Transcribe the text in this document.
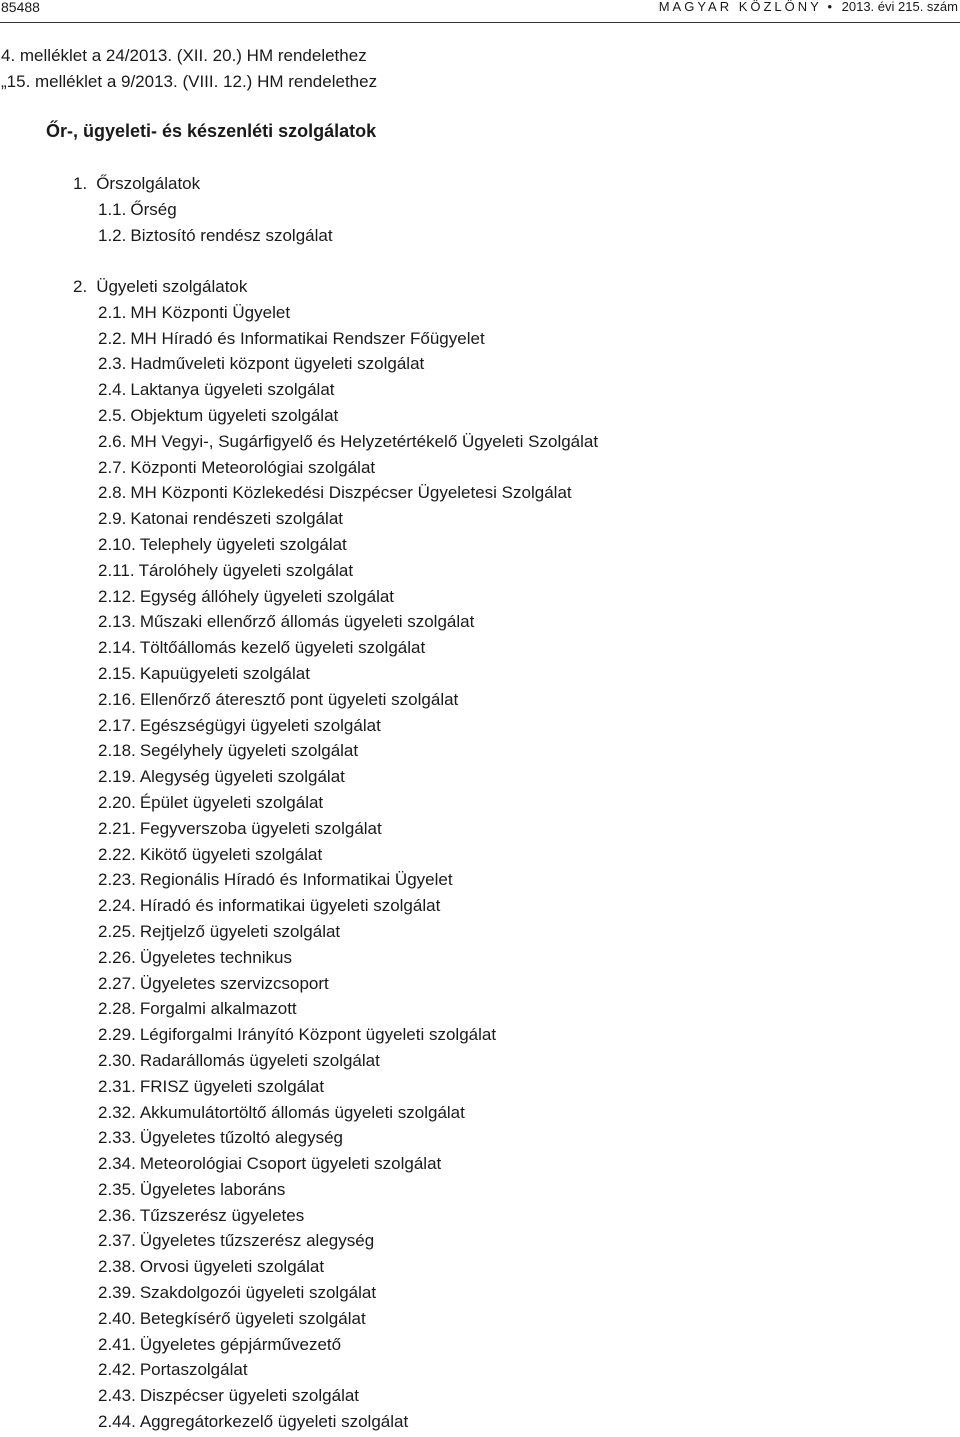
85488	MAGYAR KÖZLÖNY • 2013. évi 215. szám
4. melléklet a 24/2013. (XII. 20.) HM rendelethez
„15. melléklet a 9/2013. (VIII. 12.) HM rendelethez
Őr-, ügyeleti- és készenléti szolgálatok
1. Őrszolgálatok
1.1. Őrség
1.2. Biztosító rendész szolgálat
2. Ügyeleti szolgálatok
2.1. MH Központi Ügyelet
2.2. MH Híradó és Informatikai Rendszer Főügyelet
2.3. Hadműveleti központ ügyeleti szolgálat
2.4. Laktanya ügyeleti szolgálat
2.5. Objektum ügyeleti szolgálat
2.6. MH Vegyi-, Sugárfigyelő és Helyzetértékelő Ügyeleti Szolgálat
2.7. Központi Meteorológiai szolgálat
2.8. MH Központi Közlekedési Diszpécser Ügyeletesi Szolgálat
2.9. Katonai rendészeti szolgálat
2.10. Telephely ügyeleti szolgálat
2.11. Tárolóhely ügyeleti szolgálat
2.12. Egység állóhely ügyeleti szolgálat
2.13. Műszaki ellenőrző állomás ügyeleti szolgálat
2.14. Töltőállomás kezelő ügyeleti szolgálat
2.15. Kapuügyeleti szolgálat
2.16. Ellenőrző áteresztő pont ügyeleti szolgálat
2.17. Egészségügyi ügyeleti szolgálat
2.18. Segélyhely ügyeleti szolgálat
2.19. Alegység ügyeleti szolgálat
2.20. Épület ügyeleti szolgálat
2.21. Fegyverszoba ügyeleti szolgálat
2.22. Kikötő ügyeleti szolgálat
2.23. Regionális Híradó és Informatikai Ügyelet
2.24. Híradó és informatikai ügyeleti szolgálat
2.25. Rejtjelző ügyeleti szolgálat
2.26. Ügyeletes technikus
2.27. Ügyeletes szervizcsoport
2.28. Forgalmi alkalmazott
2.29. Légiforgalmi Irányító Központ ügyeleti szolgálat
2.30. Radarállomás ügyeleti szolgálat
2.31. FRISZ ügyeleti szolgálat
2.32. Akkumulátortöltő állomás ügyeleti szolgálat
2.33. Ügyeletes tűzoltó alegység
2.34. Meteorológiai Csoport ügyeleti szolgálat
2.35. Ügyeletes laboráns
2.36. Tűzszerész ügyeletes
2.37. Ügyeletes tűzszerész alegység
2.38. Orvosi ügyeleti szolgálat
2.39. Szakdolgozói ügyeleti szolgálat
2.40. Betegkísérő ügyeleti szolgálat
2.41. Ügyeletes gépjárművezető
2.42. Portaszolgálat
2.43. Diszpécser ügyeleti szolgálat
2.44. Aggregátorkezelő ügyeleti szolgálat
